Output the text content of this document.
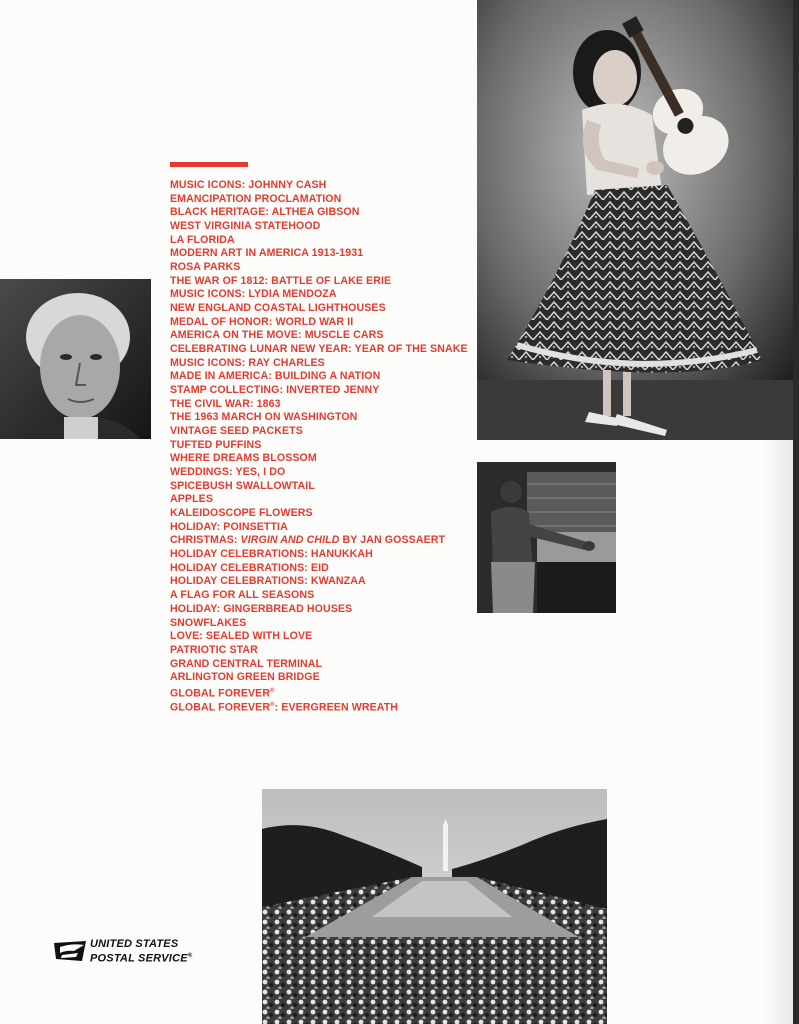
MUSIC ICONS: JOHNNY CASH
EMANCIPATION PROCLAMATION
BLACK HERITAGE: ALTHEA GIBSON
WEST VIRGINIA STATEHOOD
LA FLORIDA
MODERN ART IN AMERICA 1913-1931
ROSA PARKS
THE WAR OF 1812: BATTLE OF LAKE ERIE
MUSIC ICONS: LYDIA MENDOZA
NEW ENGLAND COASTAL LIGHTHOUSES
MEDAL OF HONOR: WORLD WAR II
AMERICA ON THE MOVE: MUSCLE CARS
CELEBRATING LUNAR NEW YEAR: YEAR OF THE SNAKE
MUSIC ICONS: RAY CHARLES
MADE IN AMERICA: BUILDING A NATION
STAMP COLLECTING: INVERTED JENNY
THE CIVIL WAR: 1863
THE 1963 MARCH ON WASHINGTON
VINTAGE SEED PACKETS
TUFTED PUFFINS
WHERE DREAMS BLOSSOM
WEDDINGS: YES, I DO
SPICEBUSH SWALLOWTAIL
APPLES
KALEIDOSCOPE FLOWERS
HOLIDAY: POINSETTIA
CHRISTMAS: VIRGIN AND CHILD BY JAN GOSSAERT
HOLIDAY CELEBRATIONS: HANUKKAH
HOLIDAY CELEBRATIONS: EID
HOLIDAY CELEBRATIONS: KWANZAA
A FLAG FOR ALL SEASONS
HOLIDAY: GINGERBREAD HOUSES
SNOWFLAKES
LOVE: SEALED WITH LOVE
PATRIOTIC STAR
GRAND CENTRAL TERMINAL
ARLINGTON GREEN BRIDGE
GLOBAL FOREVER®
GLOBAL FOREVER®: EVERGREEN WREATH
UNITED STATES
POSTAL SERVICE®
